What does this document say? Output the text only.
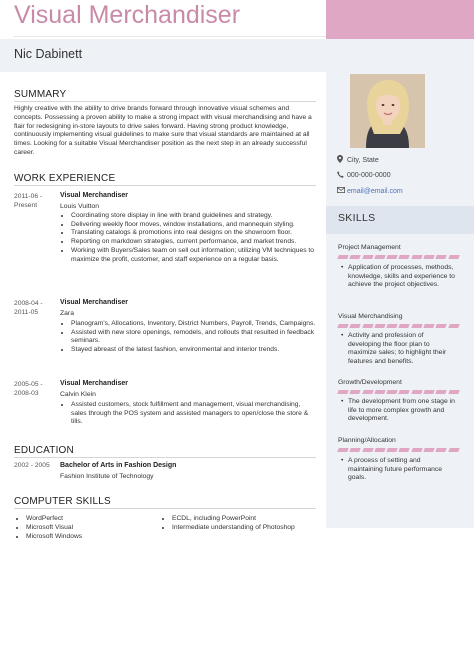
Visual Merchandiser
Nic Dabinett
City, State
000-000-0000
email@email.com
SKILLS
Project Management
• Application of processes, methods, knowledge, skills and experience to achieve the project objectives.
Visual Merchandising
• Activity and profession of developing the floor plan to maximize sales; to highlight their features and benefits.
Growth/Development
• The development from one stage in life to more complex growth and development.
Planning/Allocation
• A process of setting and maintaining future performance goals.
SUMMARY
Highly creative with the ability to drive brands forward through innovative visual schemes and concepts. Possessing a proven ability to make a strong impact with visual merchandising and have a flair for redesigning in-store layouts to drive sales forward. Having strong product knowledge, continuously implementing visual guidelines to make sure that visual standards are maintained at all times. Looking for a suitable Visual Merchandiser position as the next step in an already successful career.
WORK EXPERIENCE
2011-06 -
Present
Visual Merchandiser
Louis Vuitton
• Coordinating store display in line with brand guidelines and strategy.
• Delivering weekly floor moves, window installations, and mannequin styling.
• Translating catalogs & promotions into real designs on the showroom floor.
• Reporting on markdown strategies, current performance, and market trends.
• Working with Buyers/Sales team on sell out information; utilizing VM techniques to maximize the profit, customer, and staff experience on a regular basis.
2008-04 -
2011-05
Visual Merchandiser
Zara
• Planogram's, Allocations, Inventory, District Numbers, Payroll, Trends, Campaigns.
• Assisted with new store openings, remodels, and rollouts that resulted in feedback seminars.
• Stayed abreast of the latest fashion, environmental and interior trends.
2005-05 -
2008-03
Visual Merchandiser
Calvin Klein
• Assisted customers, stock fulfillment and management, visual merchandising, sales through the POS system and assisted managers to open/close the store & tills.
EDUCATION
2002 - 2005 Bachelor of Arts in Fashion Design
Fashion Institute of Technology
COMPUTER SKILLS
• WordPerfect
• Microsoft Visual
• Microsoft Windows
• ECDL, including PowerPoint
• Intermediate understanding of Photoshop
